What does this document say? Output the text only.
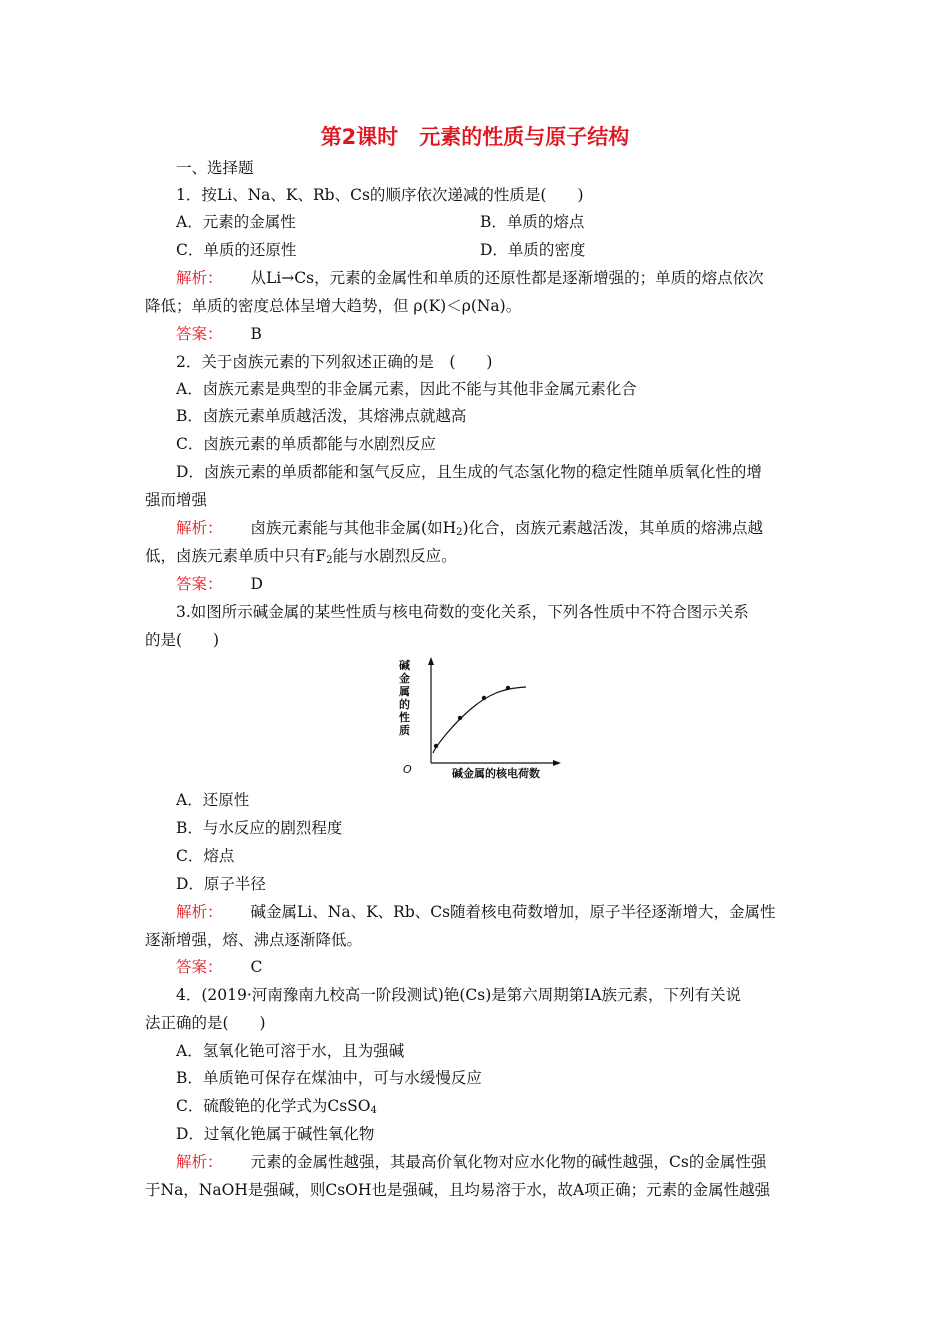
第2课时　元素的性质与原子结构
一、选择题
1．按Li、Na、K、Rb、Cs的顺序依次递减的性质是(　　)
A．元素的金属性	B．单质的熔点
C．单质的还原性	D．单质的密度
解析： 从Li→Cs，元素的金属性和单质的还原性都是逐渐增强的；单质的熔点依次
降低；单质的密度总体呈增大趋势，但 ρ(K)＜ρ(Na)。
答案： B
2．关于卤族元素的下列叙述正确的是　(　　)
A．卤族元素是典型的非金属元素，因此不能与其他非金属元素化合
B．卤族元素单质越活泼，其熔沸点就越高
C．卤族元素的单质都能与水剧烈反应
D．卤族元素的单质都能和氢气反应，且生成的气态氢化物的稳定性随单质氧化性的增
强而增强
解析： 卤族元素能与其他非金属(如$H_2$)化合，卤族元素越活泼，其单质的熔沸点越
低，卤族元素单质中只有$F_2$能与水剧烈反应。
答案： D
3.如图所示碱金属的某些性质与核电荷数的变化关系，下列各性质中不符合图示关系
的是(　　)
碱金属的性质
O	碱金属的核电荷数
A．还原性
B．与水反应的剧烈程度
C．熔点
D．原子半径
解析： 碱金属Li、Na、K、Rb、Cs随着核电荷数增加，原子半径逐渐增大，金属性
逐渐增强，熔、沸点逐渐降低。
答案： C
4．(2019·河南豫南九校高一阶段测试)铯(Cs)是第六周期第ⅠA族元素，下列有关说
法正确的是(　　)
A．氢氧化铯可溶于水，且为强碱
B．单质铯可保存在煤油中，可与水缓慢反应
C．硫酸铯的化学式为CsSO$_4$
D．过氧化铯属于碱性氧化物
解析： 元素的金属性越强，其最高价氧化物对应水化物的碱性越强，Cs的金属性强
于Na，NaOH是强碱，则CsOH也是强碱，且均易溶于水，故A项正确；元素的金属性越强
